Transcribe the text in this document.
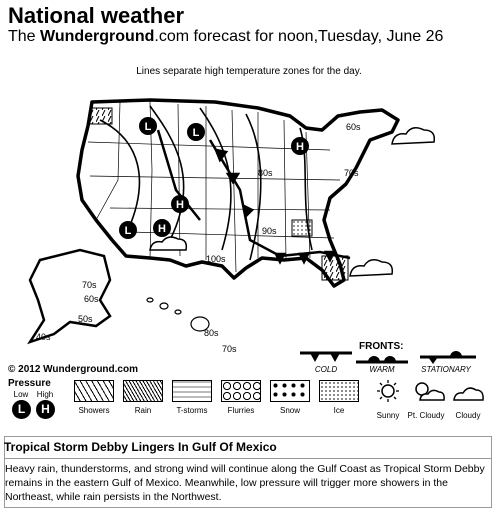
National weather
The Wunderground.com forecast for noon,Tuesday, June 26
Lines separate high temperature zones for the day.
L	L
L
H
H
H
60s
80s	70s
90s
100s
70s
60s
50s
40s	80s
70s
© 2012 Wunderground.com
FRONTS:
COLD	WARM	STATIONARY
Pressure
Low	High
L	H	Showers	Rain	T-storms	Flurries	Snow	Ice
Sunny	Pt. Cloudy	Cloudy
Tropical Storm Debby Lingers In Gulf Of Mexico
Heavy rain, thunderstorms, and strong wind will continue along the Gulf Coast as Tropical Storm Debby remains in the eastern Gulf of Mexico. Meanwhile, low pressure will trigger more showers in the Northeast, while rain persists in the Northwest.
